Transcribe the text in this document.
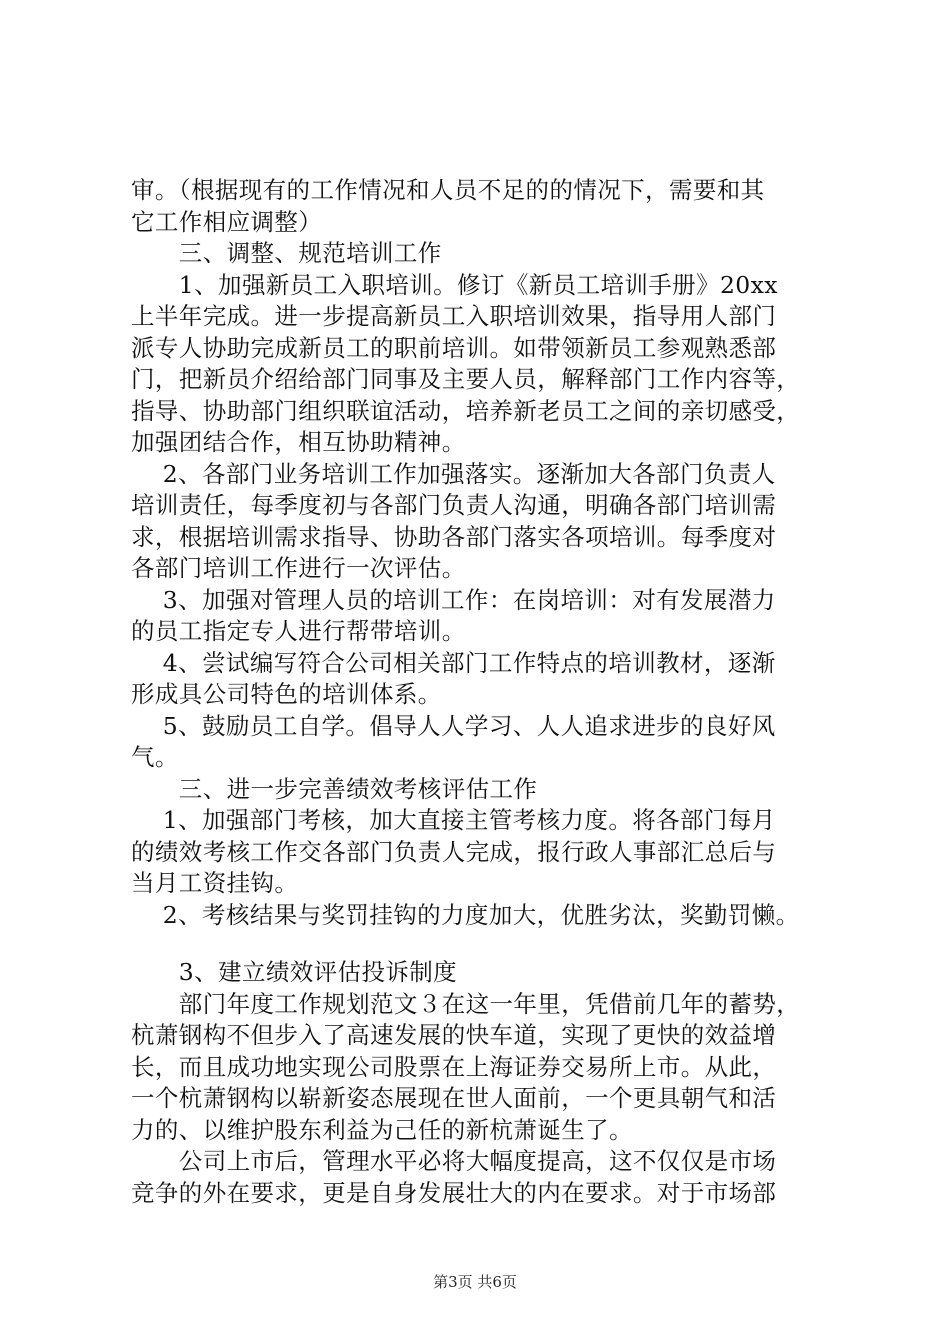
审。（根据现有的工作情况和人员不足的的情况下，需要和其
它工作相应调整）
　　三、调整、规范培训工作
　　1、加强新员工入职培训。修订《新员工培训手册》20xx
上半年完成。进一步提高新员工入职培训效果，指导用人部门
派专人协助完成新员工的职前培训。如带领新员工参观熟悉部
门，把新员介绍给部门同事及主要人员，解释部门工作内容等，
指导、协助部门组织联谊活动，培养新老员工之间的亲切感受，
加强团结合作，相互协助精神。
　 2、各部门业务培训工作加强落实。逐渐加大各部门负责人
培训责任，每季度初与各部门负责人沟通，明确各部门培训需
求，根据培训需求指导、协助各部门落实各项培训。每季度对
各部门培训工作进行一次评估。
　 3、加强对管理人员的培训工作：在岗培训：对有发展潜力
的员工指定专人进行帮带培训。
　 4、尝试编写符合公司相关部门工作特点的培训教材，逐渐
形成具公司特色的培训体系。
　 5、鼓励员工自学。倡导人人学习、人人追求进步的良好风
气。
　　三、进一步完善绩效考核评估工作
　 1、加强部门考核，加大直接主管考核力度。将各部门每月
的绩效考核工作交各部门负责人完成，报行政人事部汇总后与
当月工资挂钩。
　 2、考核结果与奖罚挂钩的力度加大，优胜劣汰，奖勤罚懒。
　　3、建立绩效评估投诉制度
　　部门年度工作规划范文３在这一年里，凭借前几年的蓄势，
杭萧钢构不但步入了高速发展的快车道，实现了更快的效益增
长，而且成功地实现公司股票在上海证券交易所上市。从此，
一个杭萧钢构以崭新姿态展现在世人面前，一个更具朝气和活
力的、以维护股东利益为己任的新杭萧诞生了。
　　公司上市后，管理水平必将大幅度提高，这不仅仅是市场
竞争的外在要求，更是自身发展壮大的内在要求。对于市场部
第3页 共6页
